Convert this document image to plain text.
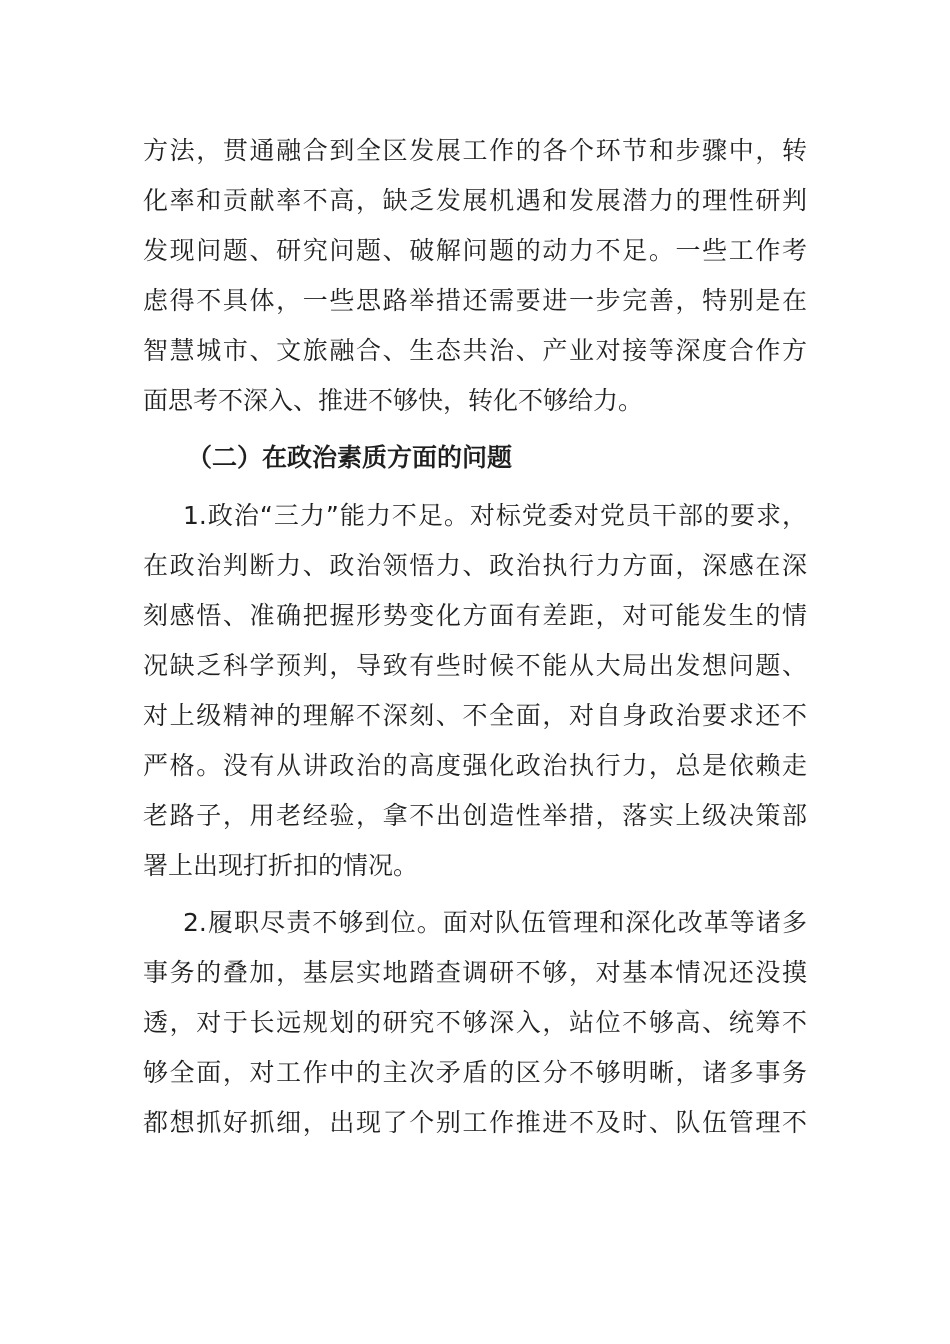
方法，贯通融合到全区发展工作的各个环节和步骤中，转
化率和贡献率不高，缺乏发展机遇和发展潜力的理性研判
发现问题、研究问题、破解问题的动力不足。一些工作考
虑得不具体，一些思路举措还需要进一步完善，特别是在
智慧城市、文旅融合、生态共治、产业对接等深度合作方
面思考不深入、推进不够快，转化不够给力。
（二）在政治素质方面的问题
1.政治“三力”能力不足。对标党委对党员干部的要求，
在政治判断力、政治领悟力、政治执行力方面，深感在深
刻感悟、准确把握形势变化方面有差距，对可能发生的情
况缺乏科学预判，导致有些时候不能从大局出发想问题、
对上级精神的理解不深刻、不全面，对自身政治要求还不
严格。没有从讲政治的高度强化政治执行力，总是依赖走
老路子，用老经验，拿不出创造性举措，落实上级决策部
署上出现打折扣的情况。
2.履职尽责不够到位。面对队伍管理和深化改革等诸多
事务的叠加，基层实地踏查调研不够，对基本情况还没摸
透，对于长远规划的研究不够深入，站位不够高、统筹不
够全面，对工作中的主次矛盾的区分不够明晰，诸多事务
都想抓好抓细，出现了个别工作推进不及时、队伍管理不
